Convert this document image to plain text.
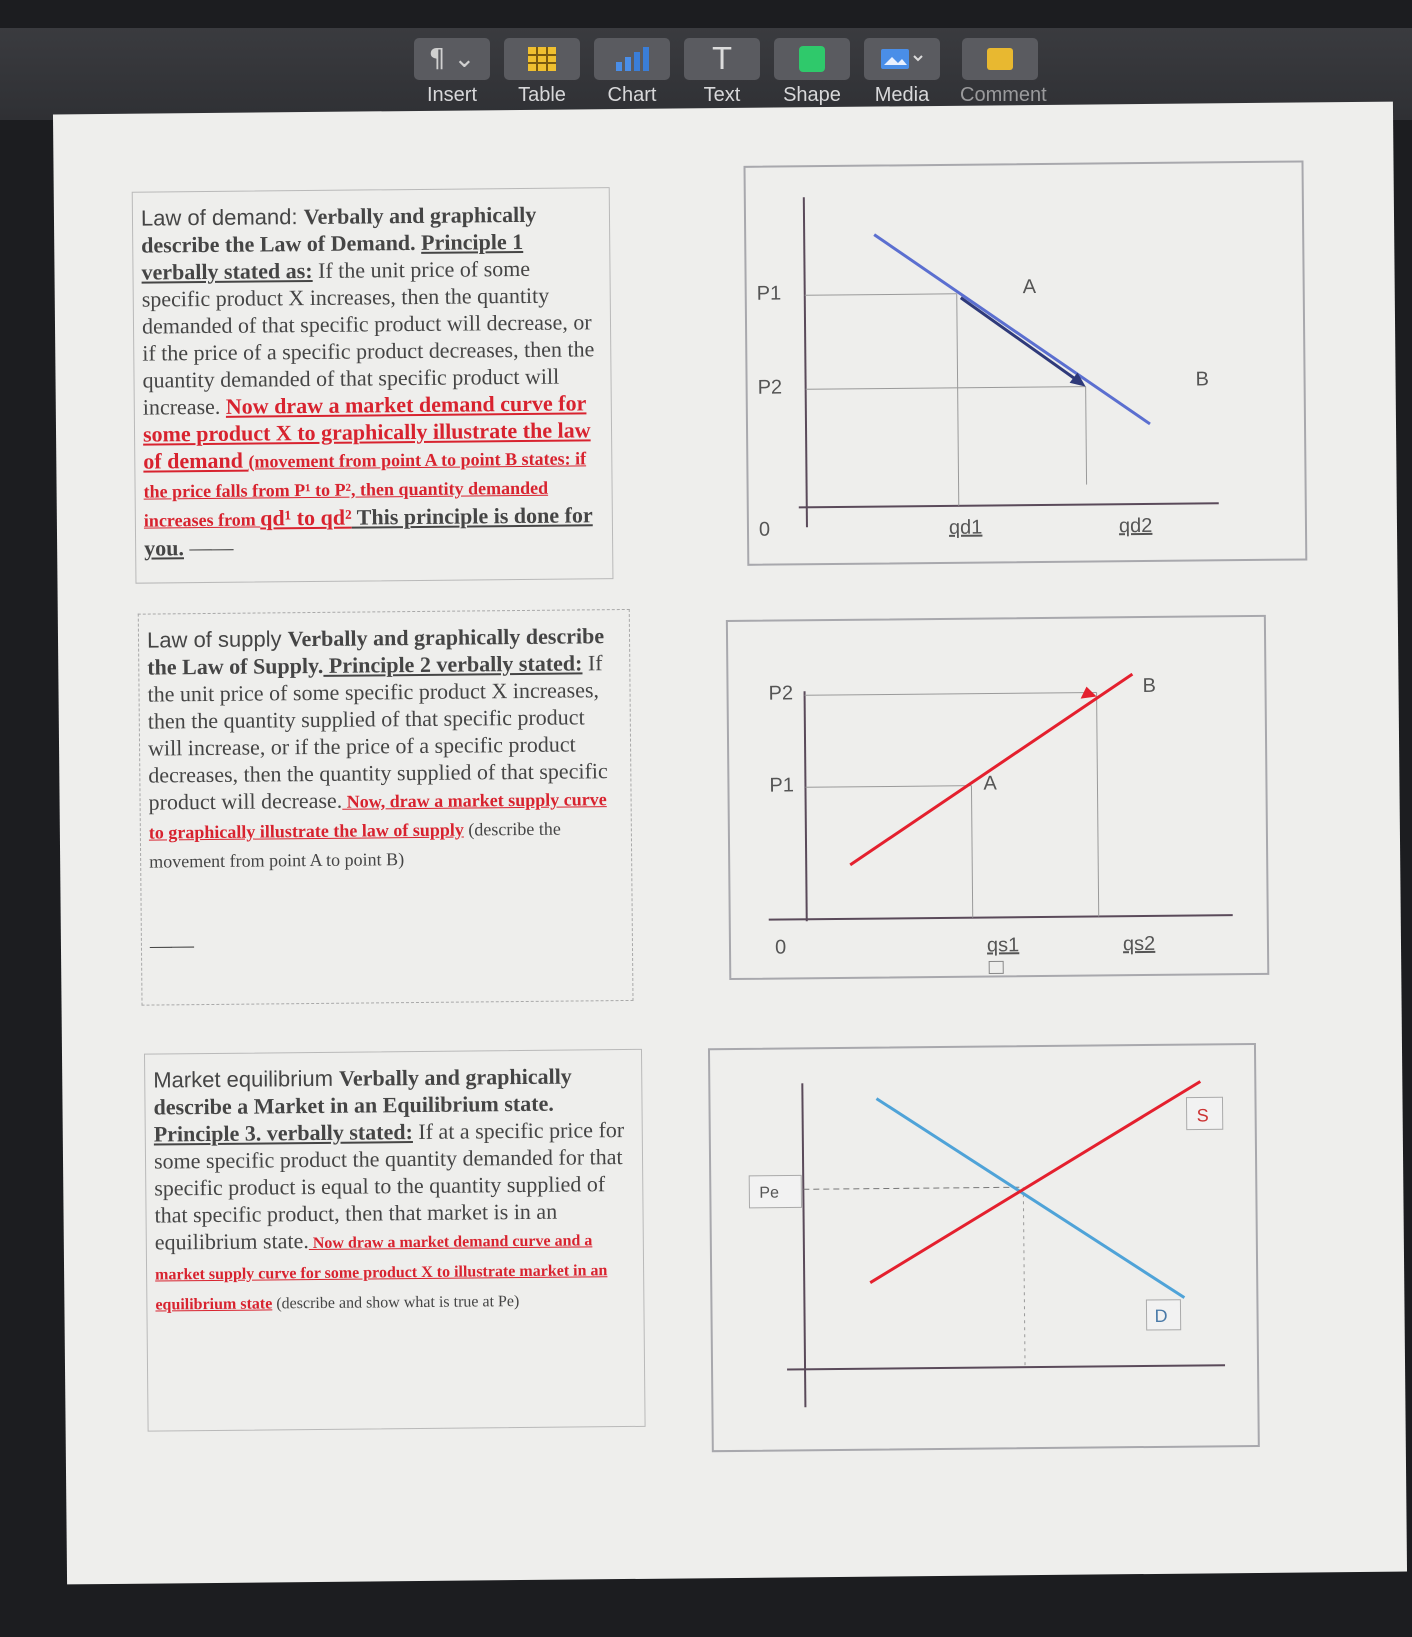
¶ ⌄
Insert	Table	Chart
T
Text	Shape	Media	Comment
Law of demand: Verbally and graphically describe the Law of Demand. Principle 1 verbally stated as: If the unit price of some specific product X increases, then the quantity demanded of that specific product will decrease, or if the price of a specific product decreases, then the quantity demanded of that specific product will increase. Now draw a market demand curve for some product X to graphically illustrate the law of demand (movement from point A to point B states: if the price falls from P¹ to P², then quantity demanded increases from qd¹ to qd² This principle is done for you. ——
P1
P2
0
A
B
qd1	qd2
Law of supply Verbally and graphically describe the Law of Supply. Principle 2 verbally stated: If the unit price of some specific product X increases, then the quantity supplied of that specific product will increase, or if the price of a specific product decreases, then the quantity supplied of that specific product will decrease. Now, draw a market supply curve to graphically illustrate the law of supply (describe the movement from point A to point B)
——
P2
P1
0
A
B
qs1	qs2
Market equilibrium Verbally and graphically describe a Market in an Equilibrium state. Principle 3. verbally stated: If at a specific price for some specific product the quantity demanded for that specific product is equal to the quantity supplied of that specific product, then that market is in an equilibrium state. Now draw a market demand curve and a market supply curve for some product X to illustrate market in an equilibrium state (describe and show what is true at Pe)
Pe
S
D
